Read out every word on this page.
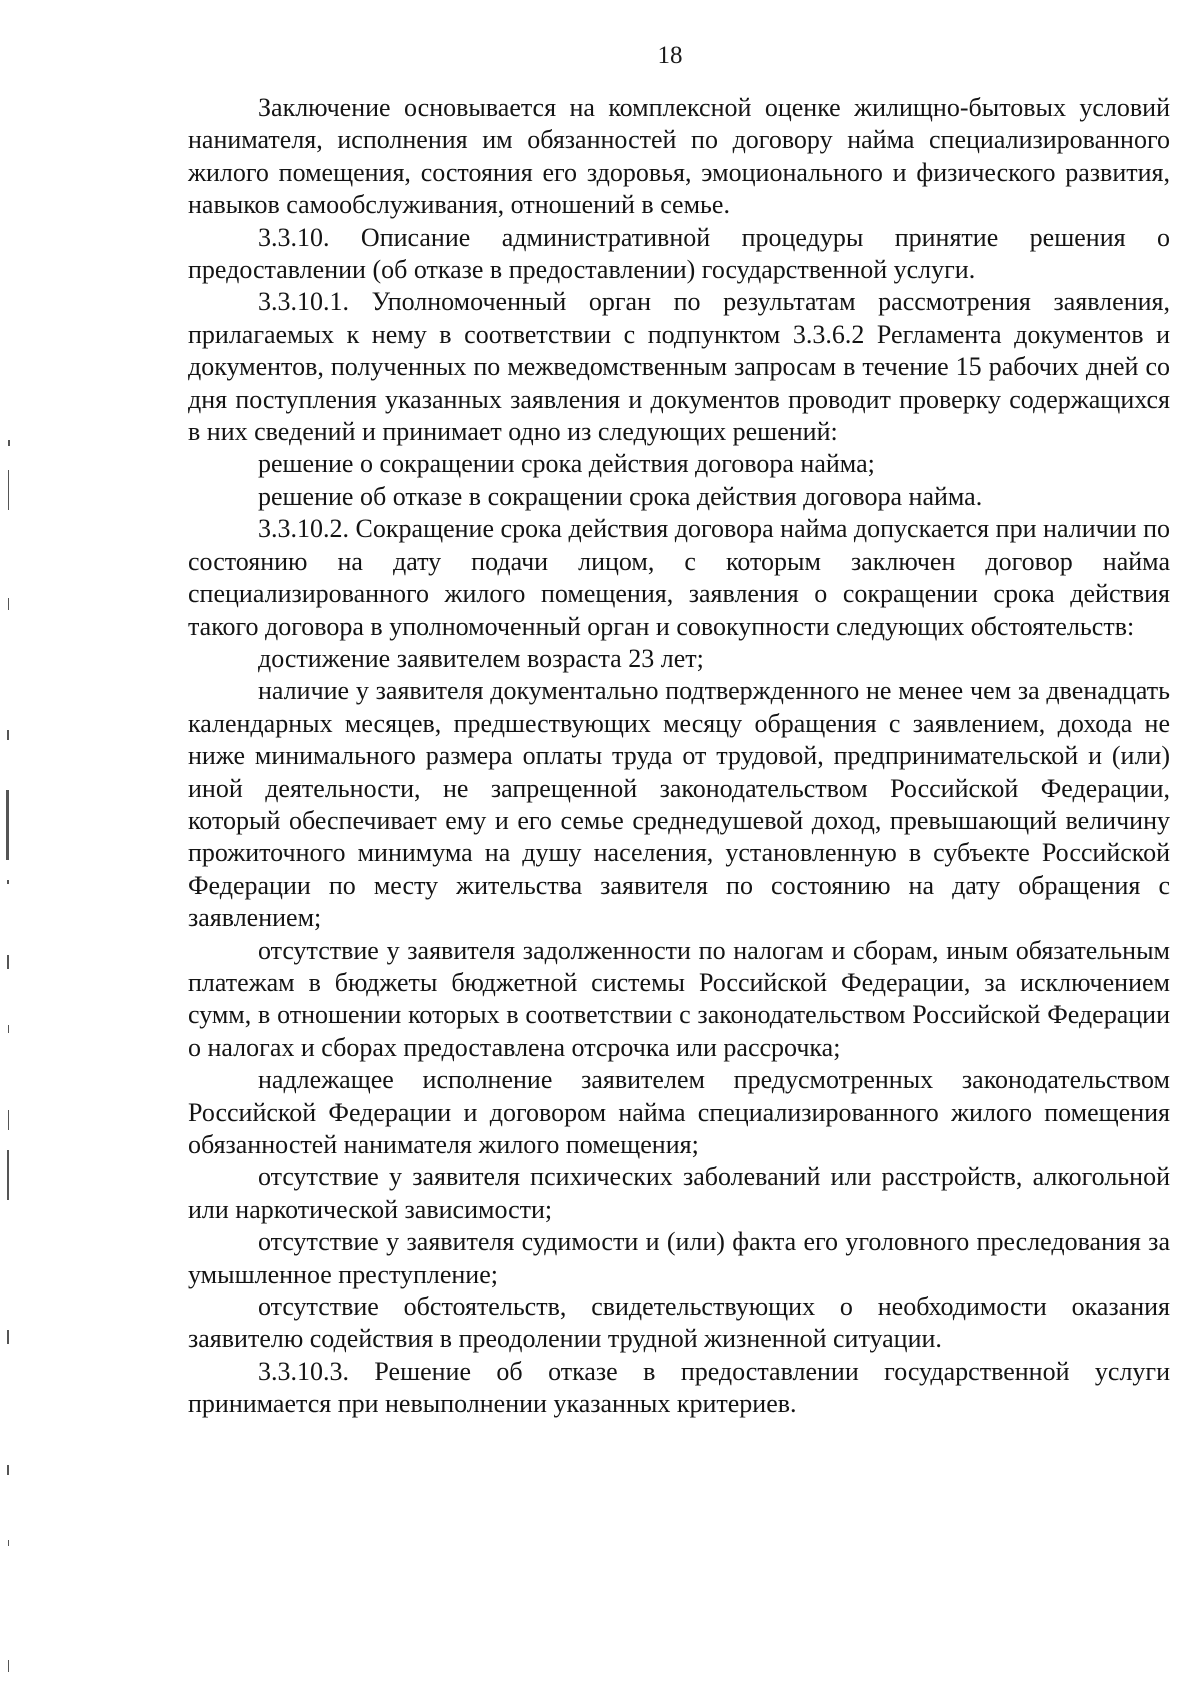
18

Заключение основывается на комплексной оценке жилищно-бытовых условий нанимателя, исполнения им обязанностей по договору найма специализированного жилого помещения, состояния его здоровья, эмоционального и физического развития, навыков самообслуживания, отношений в семье.

3.3.10. Описание административной процедуры принятие решения о предоставлении (об отказе в предоставлении) государственной услуги.

3.3.10.1. Уполномоченный орган по результатам рассмотрения заявления, прилагаемых к нему в соответствии с подпунктом 3.3.6.2 Регламента документов и документов, полученных по межведомственным запросам в течение 15 рабочих дней со дня поступления указанных заявления и документов проводит проверку содержащихся в них сведений и принимает одно из следующих решений:

решение о сокращении срока действия договора найма;

решение об отказе в сокращении срока действия договора найма.

3.3.10.2. Сокращение срока действия договора найма допускается при наличии по состоянию на дату подачи лицом, с которым заключен договор найма специализированного жилого помещения, заявления о сокращении срока действия такого договора в уполномоченный орган и совокупности следующих обстоятельств:

достижение заявителем возраста 23 лет;

наличие у заявителя документально подтвержденного не менее чем за двенадцать календарных месяцев, предшествующих месяцу обращения с заявлением, дохода не ниже минимального размера оплаты труда от трудовой, предпринимательской и (или) иной деятельности, не запрещенной законодательством Российской Федерации, который обеспечивает ему и его семье среднедушевой доход, превышающий величину прожиточного минимума на душу населения, установленную в субъекте Российской Федерации по месту жительства заявителя по состоянию на дату обращения с заявлением;

отсутствие у заявителя задолженности по налогам и сборам, иным обязательным платежам в бюджеты бюджетной системы Российской Федерации, за исключением сумм, в отношении которых в соответствии с законодательством Российской Федерации о налогах и сборах предоставлена отсрочка или рассрочка;

надлежащее исполнение заявителем предусмотренных законодательством Российской Федерации и договором найма специализированного жилого помещения обязанностей нанимателя жилого помещения;

отсутствие у заявителя психических заболеваний или расстройств, алкогольной или наркотической зависимости;

отсутствие у заявителя судимости и (или) факта его уголовного преследования за умышленное преступление;

отсутствие обстоятельств, свидетельствующих о необходимости оказания заявителю содействия в преодолении трудной жизненной ситуации.

3.3.10.3. Решение об отказе в предоставлении государственной услуги принимается при невыполнении указанных критериев.
